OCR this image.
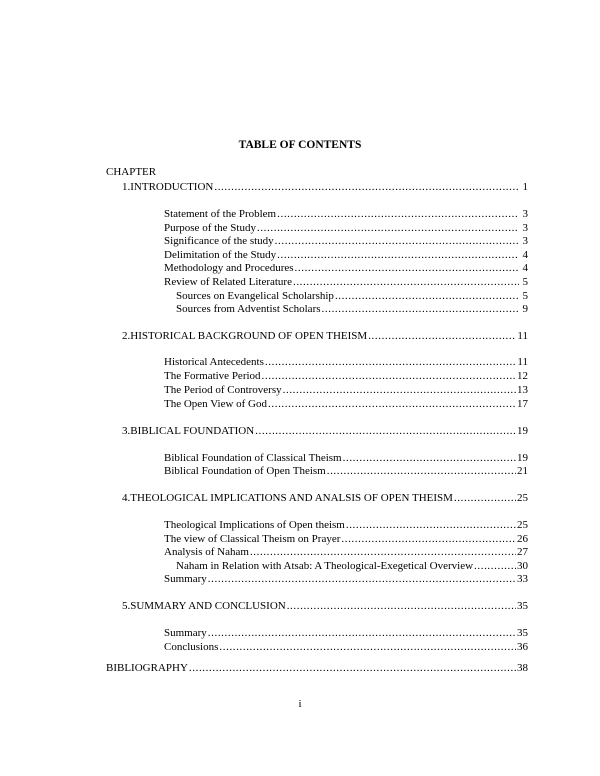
TABLE OF CONTENTS
CHAPTER
1.INTRODUCTION .....	1
Statement of the Problem .....	3
Purpose of the Study .....	3
Significance of the study .....	3
Delimitation of the Study .....	4
Methodology and Procedures .....	4
Review of Related Literature .....	5
Sources on Evangelical Scholarship .....	5
Sources from Adventist Scholars .....	9
2.HISTORICAL BACKGROUND OF OPEN THEISM .....	11
Historical Antecedents .....	11
The Formative Period .....	12
The Period of Controversy .....	13
The Open View of God .....	17
3.BIBLICAL FOUNDATION .....	19
Biblical Foundation of Classical Theism .....	19
Biblical Foundation of Open Theism .....	21
4.THEOLOGICAL IMPLICATIONS AND ANALSIS OF OPEN THEISM .....	25
Theological Implications of Open theism .....	25
The view of Classical Theism on Prayer .....	26
Analysis of Naham .....	27
Naham in Relation with Atsab: A Theological-Exegetical Overview .....	30
Summary .....	33
5.SUMMARY AND CONCLUSION .....	35
Summary .....	35
Conclusions .....	36
BIBLIOGRAPHY .....	38
i
